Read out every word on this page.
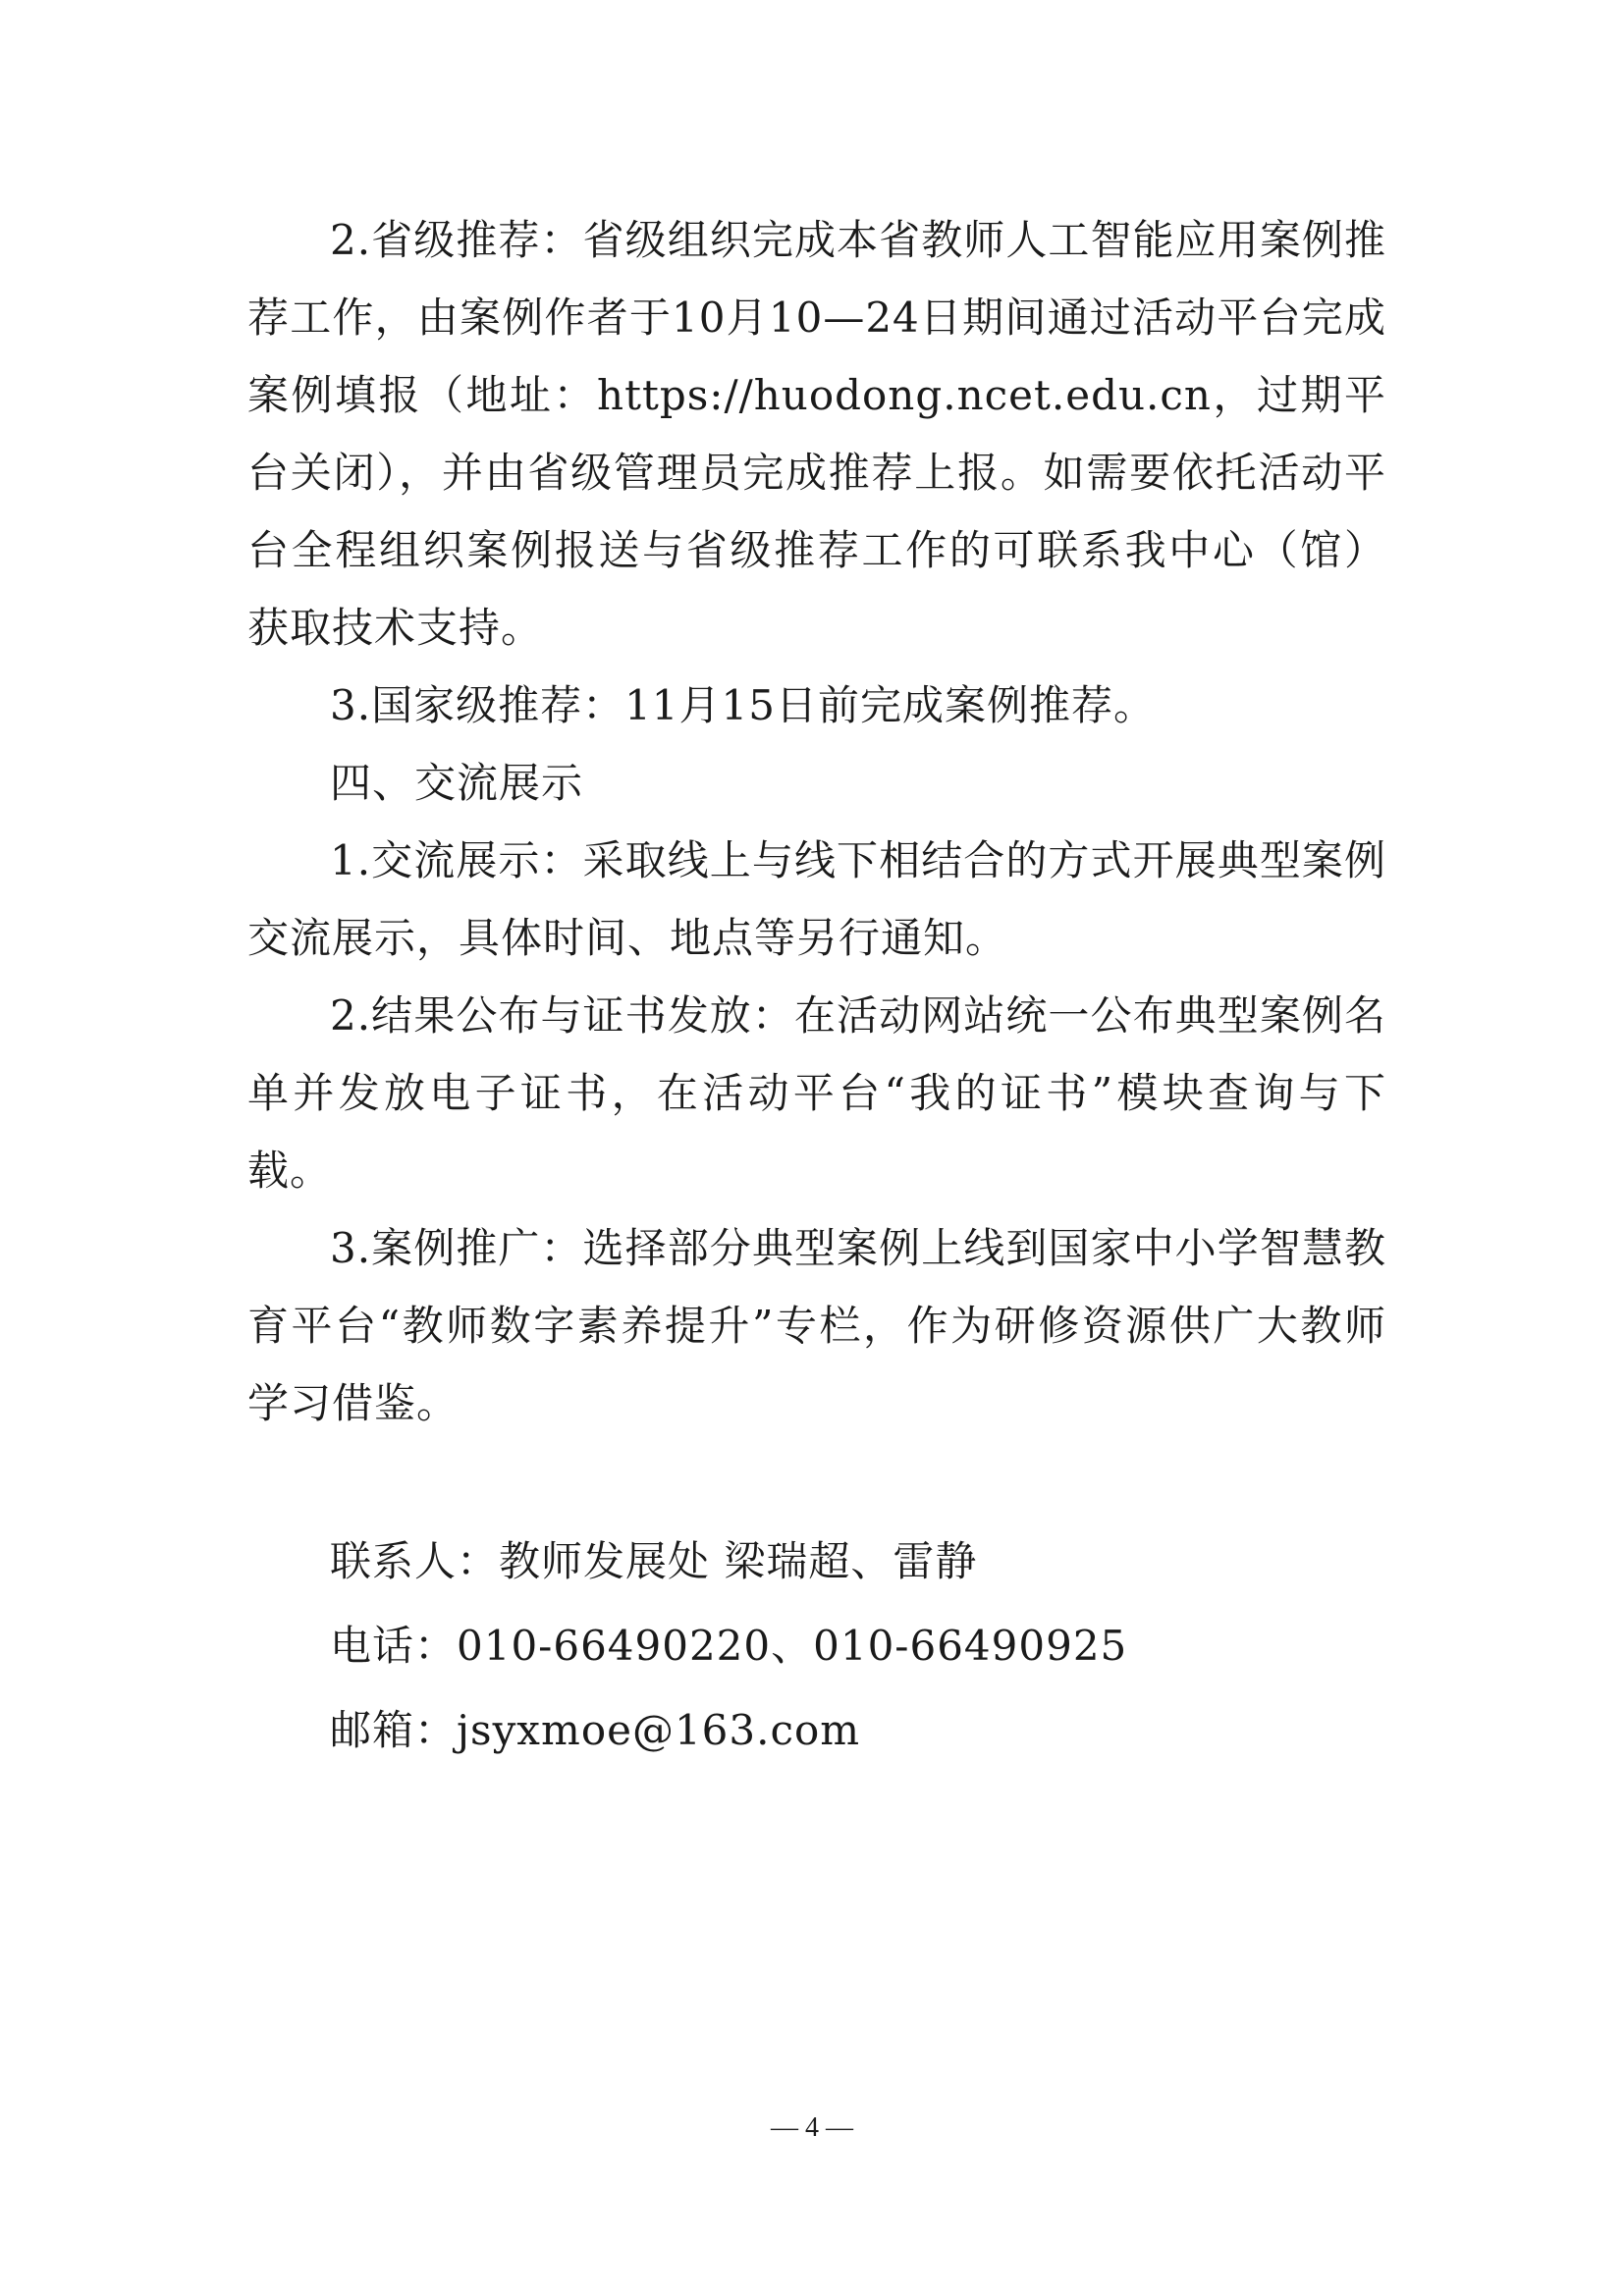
2.省级推荐：省级组织完成本省教师人工智能应用案例推荐工作，由案例作者于10月10—24日期间通过活动平台完成案例填报（地址：https://huodong.ncet.edu.cn，过期平台关闭），并由省级管理员完成推荐上报。如需要依托活动平台全程组织案例报送与省级推荐工作的可联系我中心（馆）获取技术支持。

3.国家级推荐：11月15日前完成案例推荐。

四、交流展示

1.交流展示：采取线上与线下相结合的方式开展典型案例交流展示，具体时间、地点等另行通知。

2.结果公布与证书发放：在活动网站统一公布典型案例名单并发放电子证书，在活动平台“我的证书”模块查询与下载。

3.案例推广：选择部分典型案例上线到国家中小学智慧教育平台“教师数字素养提升”专栏，作为研修资源供广大教师学习借鉴。

联系人：教师发展处 梁瑞超、雷静

电话：010-66490220、010-66490925

邮箱：jsyxmoe@163.com

— 4 —
